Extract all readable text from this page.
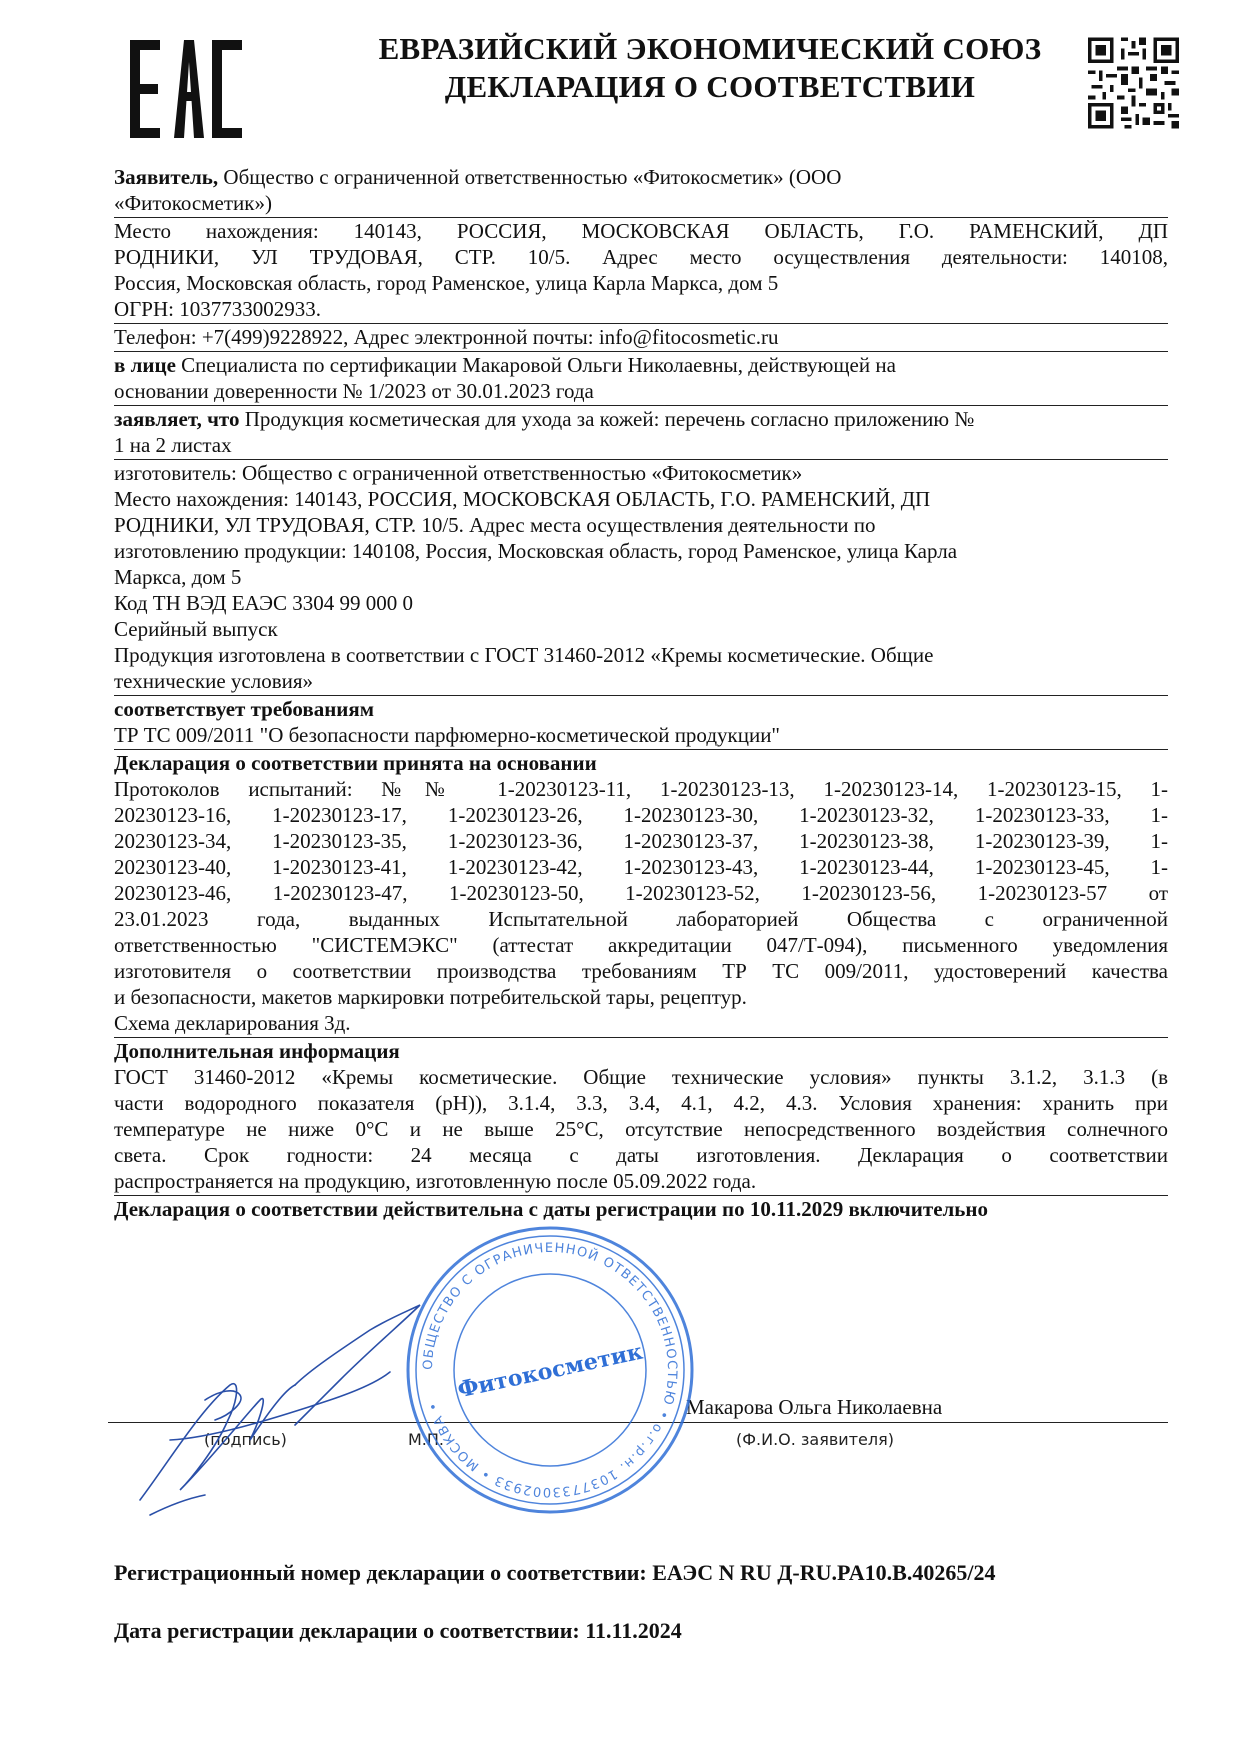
ЕВРАЗИЙСКИЙ ЭКОНОМИЧЕСКИЙ СОЮЗ
ДЕКЛАРАЦИЯ О СООТВЕТСТВИИ
Заявитель, Общество с ограниченной ответственностью «Фитокосметик» (ООО
«Фитокосметик»)
Место нахождения: 140143, РОССИЯ, МОСКОВСКАЯ ОБЛАСТЬ, Г.О. РАМЕНСКИЙ, ДП
РОДНИКИ, УЛ ТРУДОВАЯ, СТР. 10/5. Адрес место осуществления деятельности: 140108,
Россия, Московская область, город Раменское, улица Карла Маркса, дом 5
ОГРН: 1037733002933.
Телефон: +7(499)9228922, Адрес электронной почты: info@fitocosmetic.ru
в лице Специалиста по сертификации Макаровой Ольги Николаевны, действующей на
основании доверенности № 1/2023 от 30.01.2023 года
заявляет, что Продукция косметическая для ухода за кожей: перечень согласно приложению №
1 на 2 листах
изготовитель: Общество с ограниченной ответственностью «Фитокосметик»
Место нахождения: 140143, РОССИЯ, МОСКОВСКАЯ ОБЛАСТЬ, Г.О. РАМЕНСКИЙ, ДП
РОДНИКИ, УЛ ТРУДОВАЯ, СТР. 10/5. Адрес места осуществления деятельности по
изготовлению продукции: 140108, Россия, Московская область, город Раменское, улица Карла
Маркса, дом 5
Код ТН ВЭД ЕАЭС 3304 99 000 0
Серийный выпуск
Продукция изготовлена в соответствии с ГОСТ 31460-2012 «Кремы косметические. Общие
технические условия»
соответствует требованиям
ТР ТС 009/2011 "О безопасности парфюмерно-косметической продукции"
Декларация о соответствии принята на основании
Протоколов испытаний: №№ 1-20230123-11, 1-20230123-13, 1-20230123-14, 1-20230123-15, 1-
20230123-16, 1-20230123-17, 1-20230123-26, 1-20230123-30, 1-20230123-32, 1-20230123-33, 1-
20230123-34, 1-20230123-35, 1-20230123-36, 1-20230123-37, 1-20230123-38, 1-20230123-39, 1-
20230123-40, 1-20230123-41, 1-20230123-42, 1-20230123-43, 1-20230123-44, 1-20230123-45, 1-
20230123-46, 1-20230123-47, 1-20230123-50, 1-20230123-52, 1-20230123-56, 1-20230123-57 от
23.01.2023 года, выданных Испытательной лабораторией Общества с ограниченной
ответственностью "СИСТЕМЭКС" (аттестат аккредитации 047/Т-094), письменного уведомления
изготовителя о соответствии производства требованиям ТР ТС 009/2011, удостоверений качества
и безопасности, макетов маркировки потребительской тары, рецептур.
Схема декларирования 3д.
Дополнительная информация
ГОСТ 31460-2012 «Кремы косметические. Общие технические условия» пункты 3.1.2, 3.1.3 (в
части водородного показателя (pH)), 3.1.4, 3.3, 3.4, 4.1, 4.2, 4.3. Условия хранения: хранить при
температуре не ниже 0°C и не выше 25°C, отсутствие непосредственного воздействия солнечного
света. Срок годности: 24 месяца с даты изготовления. Декларация о соответствии
распространяется на продукцию, изготовленную после 05.09.2022 года.
Декларация о соответствии действительна с даты регистрации по 10.11.2029 включительно
Макарова Ольга Николаевна
(подпись)	М.П.	(Ф.И.О. заявителя)
ОБЩЕСТВО С ОГРАНИЧЕННОЙ ОТВЕТСТВЕННОСТЬЮ • о.г.р.н. 1037733002933 • МОСКВА •
Фитокосметик
Регистрационный номер декларации о соответствии: ЕАЭС N RU Д-RU.PA10.B.40265/24
Дата регистрации декларации о соответствии: 11.11.2024
